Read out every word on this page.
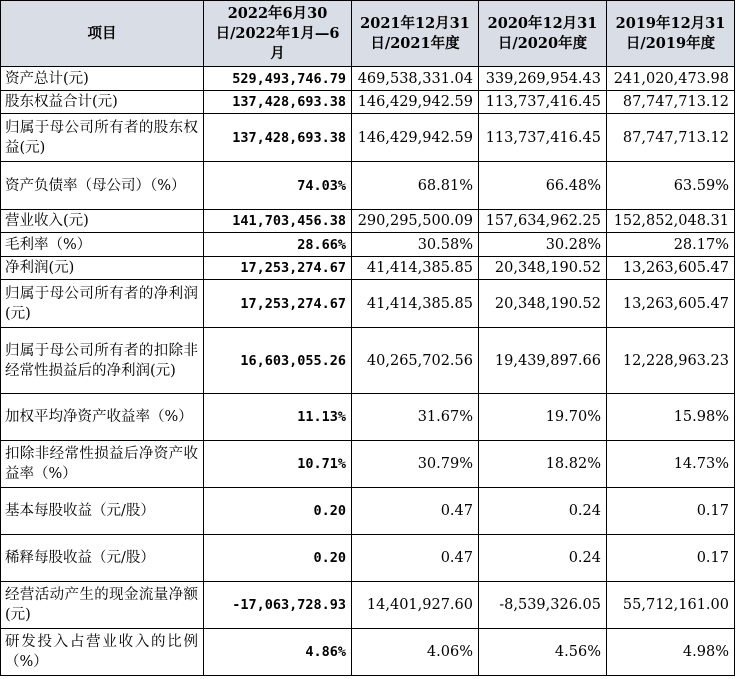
项目	2022年6月30日/2022年1月—6月	2021年12月31日/2021年度	2020年12月31日/2020年度	2019年12月31日/2019年度
资产总计(元)	529,493,746.79	469,538,331.04	339,269,954.43	241,020,473.98
股东权益合计(元)	137,428,693.38	146,429,942.59	113,737,416.45	87,747,713.12
归属于母公司所有者的股东权益(元)	137,428,693.38	146,429,942.59	113,737,416.45	87,747,713.12
资产负债率（母公司）（%）	74.03%	68.81%	66.48%	63.59%
营业收入(元)	141,703,456.38	290,295,500.09	157,634,962.25	152,852,048.31
毛利率（%）	28.66%	30.58%	30.28%	28.17%
净利润(元)	17,253,274.67	41,414,385.85	20,348,190.52	13,263,605.47
归属于母公司所有者的净利润(元)	17,253,274.67	41,414,385.85	20,348,190.52	13,263,605.47
归属于母公司所有者的扣除非经常性损益后的净利润(元)	16,603,055.26	40,265,702.56	19,439,897.66	12,228,963.23
加权平均净资产收益率（%）	11.13%	31.67%	19.70%	15.98%
扣除非经常性损益后净资产收益率（%）	10.71%	30.79%	18.82%	14.73%
基本每股收益（元/股）	0.20	0.47	0.24	0.17
稀释每股收益（元/股）	0.20	0.47	0.24	0.17
经营活动产生的现金流量净额(元)	-17,063,728.93	14,401,927.60	-8,539,326.05	55,712,161.00
研发投入占营业收入的比例（%）	4.86%	4.06%	4.56%	4.98%
